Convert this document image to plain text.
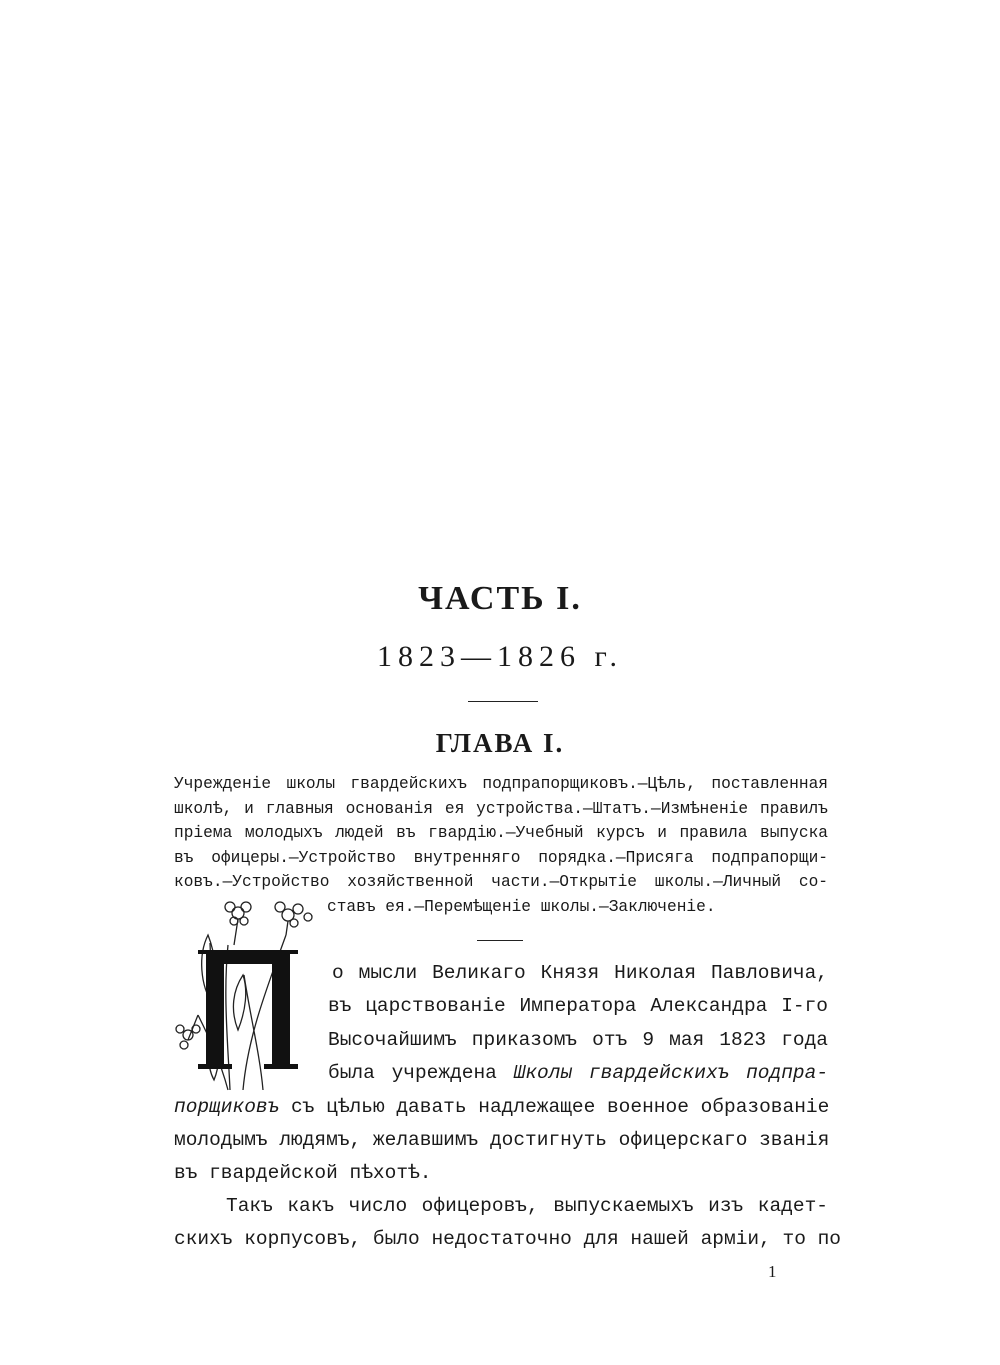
ЧАСТЬ I.
1823—1826 г.
ГЛАВА I.
Учрежденіе школы гвардейскихъ подпрапорщиковъ.—Цѣль, поставленная
школѣ, и главныя основанія ея устройства.—Штатъ.—Измѣненіе правилъ
пріема молодыхъ людей въ гвардію.—Учебный курсъ и правила выпуска
въ офицеры.—Устройство внутренняго порядка.—Присяга подпрапорщи-
ковъ.—Устройство хозяйственной части.—Открытіе школы.—Личный со-
ставъ ея.—Перемѣщеніе школы.—Заключеніе.
П
о мысли Великаго Князя Николая Павловича,
въ царствованіе Императора Александра I-го
Высочайшимъ приказомъ отъ 9 мая 1823 года
была учреждена Школы гвардейскихъ подпра-
порщиковъ съ цѣлью давать надлежащее военное образованіе
молодымъ людямъ, желавшимъ достигнуть офицерскаго званія
въ гвардейской пѣхотѣ.
Такъ какъ число офицеровъ, выпускаемыхъ изъ кадет-
скихъ корпусовъ, было недостаточно для нашей арміи, то по
1
